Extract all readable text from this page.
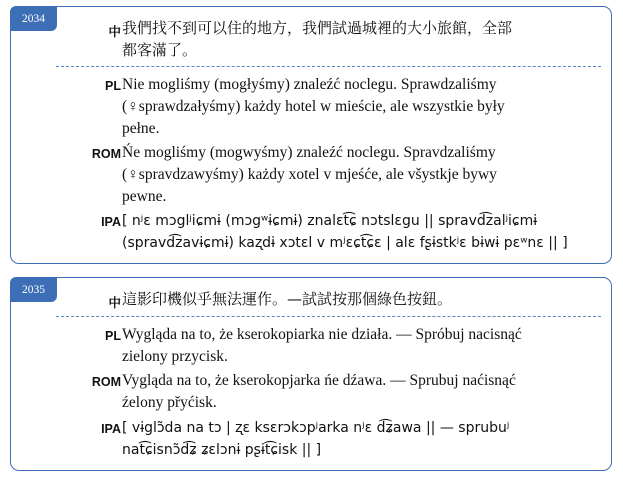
2034
中 我們找不到可以住的地方，我們試過城裡的大小旅館，全部
都客滿了。
PL Nie mogliśmy (mogłyśmy) znaleźć noclegu. Sprawdzaliśmy
(♀sprawdzałyśmy) każdy hotel w mieście, ale wszystkie były
pełne.
ROM Ńe mogliśmy (mogwyśmy) znaleźć noclegu. Spravdzaliśmy
(♀spravdzawyśmy) każdy xotel v mjeśće, ale všystkje bywy
pewne.
IPA [ nʲɛ mɔglʲiɕmɨ (mɔgʷɨɕmɨ) znalɛt͡ɕ nɔtslɛgu || spravd͡zalʲiɕmɨ
(spravd͡zavɨɕmɨ) kaʐdɨ xɔtɛl v mʲɛɕt͡ɕɛ | alɛ fʂɨstkʲɛ bɨwɨ pɛʷnɛ || ]
2035
中 這影印機似乎無法運作。—試試按那個綠色按鈕。
PL Wygląda na to, że kserokopiarka nie działa. — Spróbuj nacisnąć
zielony przycisk.
ROM Vygląda na to, że kserokopjarka ńe dźawa. — Sprubuj naćisnąć
źelony přyćisk.
IPA [ vɨglɔ̃da na tɔ | ʐɛ ksɛrɔkɔpʲarka nʲɛ d͡ʑawa || — sprubuʲ
nat͡ɕisnɔ̃d͡ʑ ʑɛlɔnɨ pʂɨt͡ɕisk || ]
